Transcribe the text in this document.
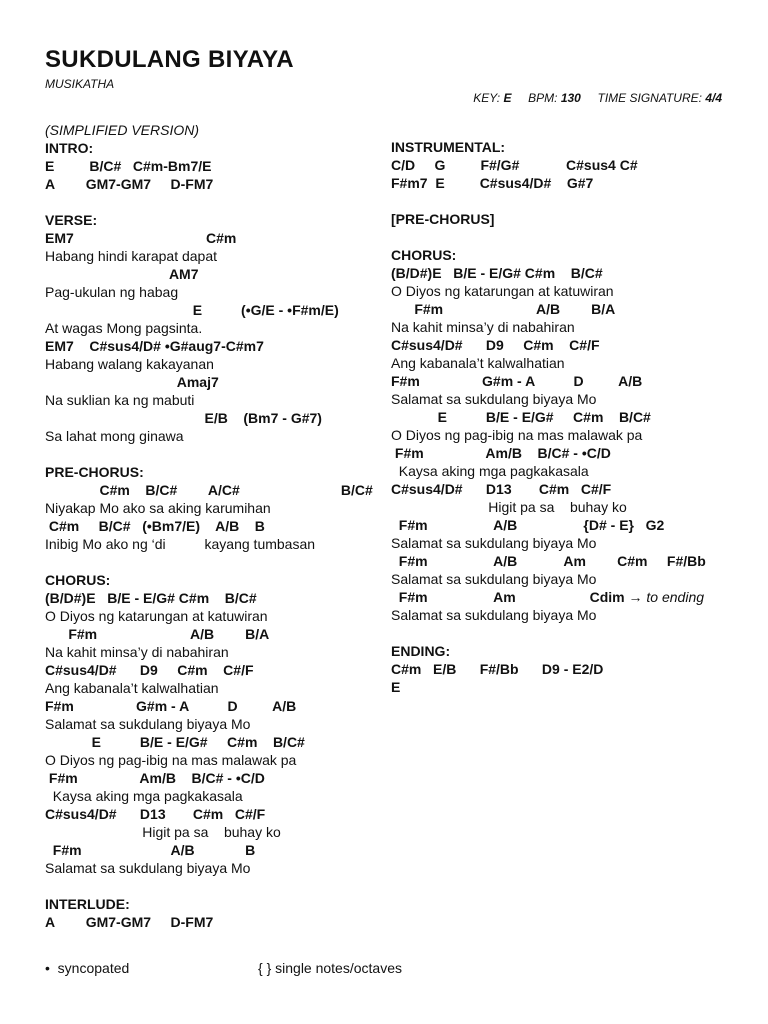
SUKDULANG BIYAYA
MUSIKATHA
KEY: E BPM: 130 TIME SIGNATURE: 4/4
(SIMPLIFIED VERSION)
INTRO:
E         B/C#   C#m-Bm7/E
A        GM7-GM7     D-FM7
VERSE:
EM7                                  C#m
Habang hindi karapat dapat
AM7
Pag-ukulan ng habag
E          (•G/E - •F#m/E)
At wagas Mong pagsinta.
EM7    C#sus4/D# •G#aug7-C#m7
Habang walang kakayanan
Amaj7
Na suklian ka ng mabuti
E/B    (Bm7 - G#7)
Sa lahat mong ginawa
PRE-CHORUS:
C#m    B/C#        A/C#                          B/C#
Niyakap Mo ako sa aking karumihan
C#m     B/C#   (•Bm7/E)    A/B    B
Inibig Mo ako ng ‘di          kayang tumbasan
CHORUS:
(B/D#)E   B/E - E/G# C#m    B/C#
O Diyos ng katarungan at katuwiran
F#m                        A/B        B/A
Na kahit minsa’y di nabahiran
C#sus4/D#      D9     C#m    C#/F
Ang kabanala’t kalwalhatian
F#m                G#m - A          D         A/B
Salamat sa sukdulang biyaya Mo
E          B/E - E/G#     C#m    B/C#
O Diyos ng pag-ibig na mas malawak pa
F#m                Am/B    B/C# - •C/D
Kaysa aking mga pagkakasala
C#sus4/D#      D13       C#m   C#/F
Higit pa sa    buhay ko
F#m                       A/B             B
Salamat sa sukdulang biyaya Mo
INTERLUDE:
A        GM7-GM7     D-FM7
INSTRUMENTAL:
C/D     G         F#/G#            C#sus4 C#
F#m7  E         C#sus4/D#    G#7
[PRE-CHORUS]
CHORUS:
(B/D#)E   B/E - E/G# C#m    B/C#
O Diyos ng katarungan at katuwiran
F#m                        A/B        B/A
Na kahit minsa’y di nabahiran
C#sus4/D#      D9     C#m    C#/F
Ang kabanala’t kalwalhatian
F#m                G#m - A          D         A/B
Salamat sa sukdulang biyaya Mo
E          B/E - E/G#     C#m    B/C#
O Diyos ng pag-ibig na mas malawak pa
F#m                Am/B    B/C# - •C/D
Kaysa aking mga pagkakasala
C#sus4/D#      D13       C#m   C#/F
Higit pa sa    buhay ko
F#m                 A/B                 {D# - E}   G2
Salamat sa sukdulang biyaya Mo
F#m                 A/B            Am        C#m     F#/Bb
Salamat sa sukdulang biyaya Mo
F#m                 Am                   Cdim → to ending
Salamat sa sukdulang biyaya Mo
ENDING:
C#m   E/B      F#/Bb      D9 - E2/D
E
•  syncopated	{ } single notes/octaves
